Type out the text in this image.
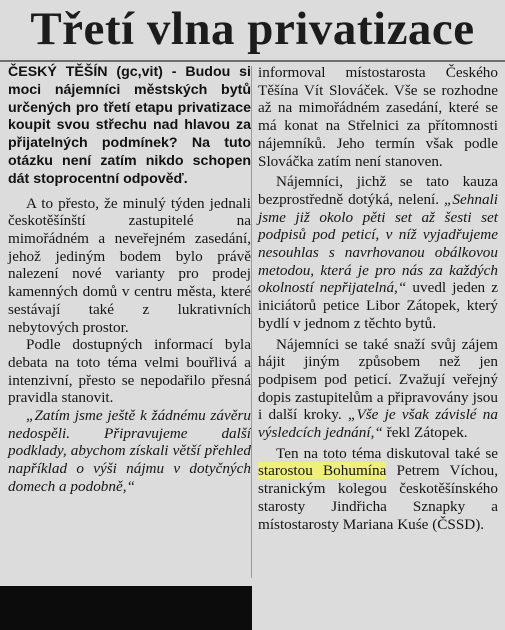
Třetí vlna privatizace

ČESKÝ TĚŠÍN (gc,vit) - Budou si moci nájemníci městských bytů určených pro třetí etapu privatizace koupit svou střechu nad hlavou za přijatelných podmínek? Na tuto otázku není zatím nikdo schopen dát stoprocentní odpověď.

A to přesto, že minulý týden jednali českotěšínští zastupitelé na mimořádném a neveřejném zasedání, jehož jediným bodem bylo právě nalezení nové varianty pro prodej kamenných domů v centru města, které sestávají také z lukrativních nebytových prostor.

Podle dostupných informací byla debata na toto téma velmi bouřlivá a intenzivní, přesto se nepodařilo přesná pravidla stanovit.

„Zatím jsme ještě k žádnému závěru nedospěli. Připravujeme další podklady, abychom získali větší přehled například o výši nájmu v dotyčných domech a podobně,“

informoval místostarosta Českého Těšína Vít Slováček. Vše se rozhodne až na mimořádném zasedání, které se má konat na Střelnici za přítomnosti nájemníků. Jeho termín však podle Slováčka zatím není stanoven.

Nájemníci, jichž se tato kauza bezprostředně dotýká, nelení. „Sehnali jsme již okolo pěti set až šesti set podpisů pod peticí, v níž vyjadřujeme nesouhlas s navrhovanou obálkovou metodou, která je pro nás za každých okolností nepřijatelná,“ uvedl jeden z iniciátorů petice Libor Zátopek, který bydlí v jednom z těchto bytů.

Nájemníci se také snaží svůj zájem hájit jiným způsobem než jen podpisem pod peticí. Zvažují veřejný dopis zastupitelům a připravovány jsou i další kroky. „Vše je však závislé na výsledcích jednání,“ řekl Zátopek.

Ten na toto téma diskutoval také se starostou Bohumína Petrem Víchou, stranickým kolegou českotěšínského starosty Jindřicha Sznapky a místostarosty Mariana Kuśe (ČSSD).
